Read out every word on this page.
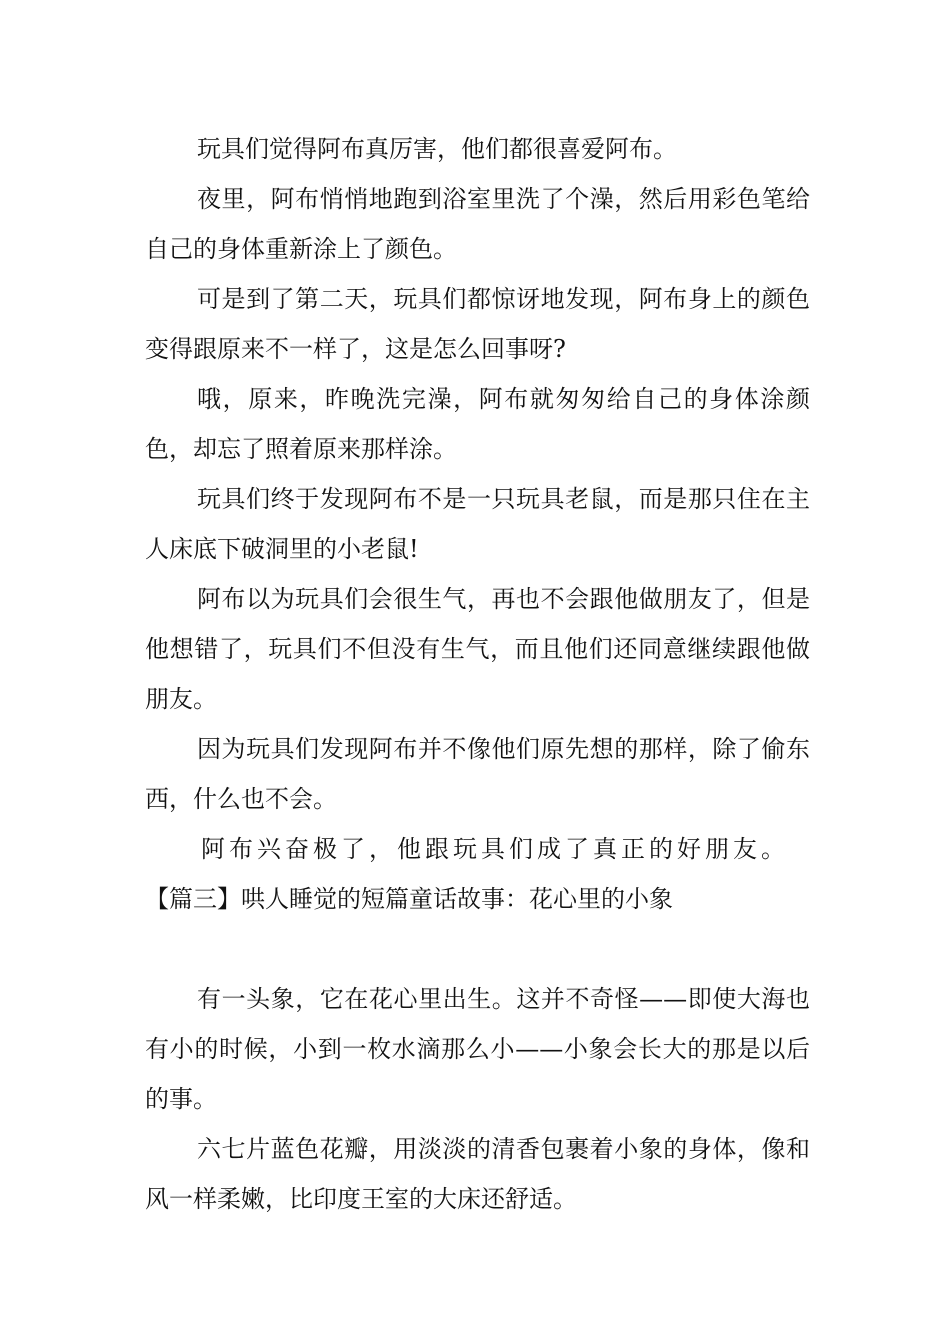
玩具们觉得阿布真厉害，他们都很喜爱阿布。

夜里，阿布悄悄地跑到浴室里洗了个澡，然后用彩色笔给自己的身体重新涂上了颜色。

可是到了第二天，玩具们都惊讶地发现，阿布身上的颜色变得跟原来不一样了，这是怎么回事呀?

哦，原来，昨晚洗完澡，阿布就匆匆给自己的身体涂颜色，却忘了照着原来那样涂。

玩具们终于发现阿布不是一只玩具老鼠，而是那只住在主人床底下破洞里的小老鼠!

阿布以为玩具们会很生气，再也不会跟他做朋友了，但是他想错了，玩具们不但没有生气，而且他们还同意继续跟他做朋友。

因为玩具们发现阿布并不像他们原先想的那样，除了偷东西，什么也不会。

阿布兴奋极了，他跟玩具们成了真正的好朋友。

【篇三】哄人睡觉的短篇童话故事：花心里的小象

有一头象，它在花心里出生。这并不奇怪——即使大海也有小的时候，小到一枚水滴那么小——小象会长大的那是以后的事。

六七片蓝色花瓣，用淡淡的清香包裹着小象的身体，像和风一样柔嫩，比印度王室的大床还舒适。
